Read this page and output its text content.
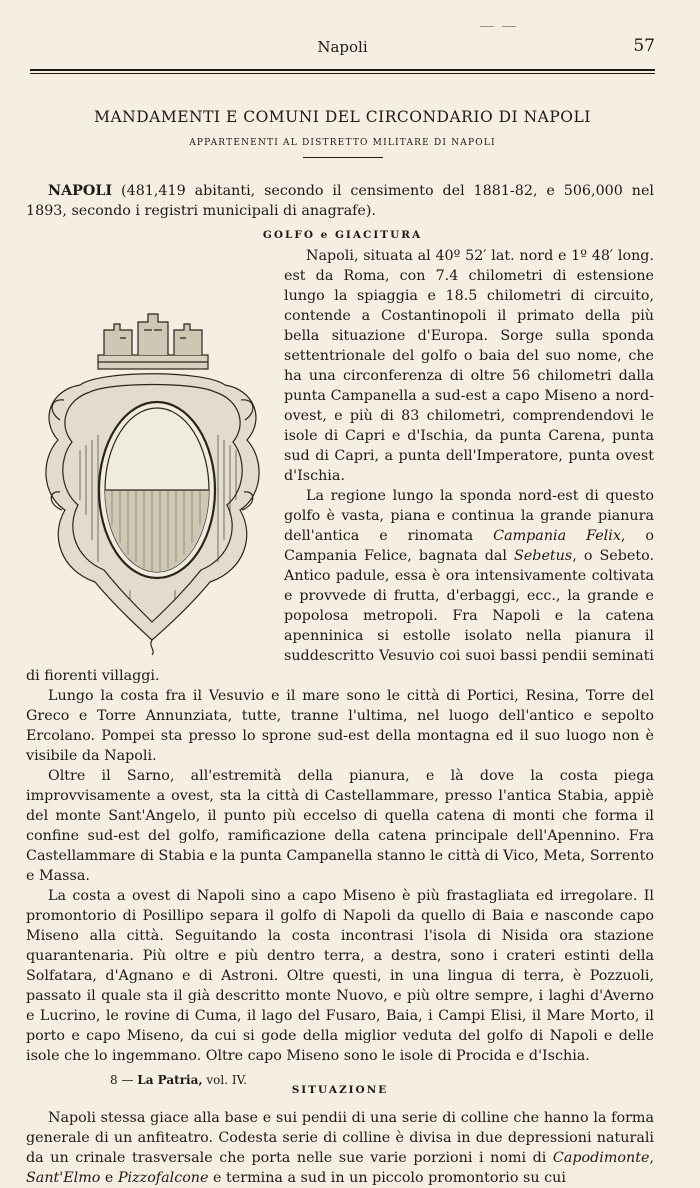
Napoli	57
MANDAMENTI E COMUNI DEL CIRCONDARIO DI NAPOLI
APPARTENENTI AL DISTRETTO MILITARE DI NAPOLI

NAPOLI (481,419 abitanti, secondo il censimento del 1881-82, e 506,000 nel 1893, secondo i registri municipali di anagrafe).

GOLFO e GIACITURA

Napoli, situata al 40º 52′ lat. nord e 1º 48′ long. est da Roma, con 7.4 chilometri di estensione lungo la spiaggia e 18.5 chilometri di circuito, contende a Costantinopoli il primato della più bella situazione d'Europa. Sorge sulla sponda settentrionale del golfo o baia del suo nome, che ha una circonferenza di oltre 56 chilometri dalla punta Campanella a sud-est a capo Miseno a nord-ovest, e più di 83 chilometri, comprendendovi le isole di Capri e d'Ischia, da punta Carena, punta sud di Capri, a punta dell'Imperatore, punta ovest d'Ischia.

La regione lungo la sponda nord-est di questo golfo è vasta, piana e continua la grande pianura dell'antica e rinomata Campania Felix, o Campania Felice, bagnata dal Sebetus, o Sebeto. Antico padule, essa è ora intensivamente coltivata e provvede di frutta, d'erbaggi, ecc., la grande e popolosa metropoli. Fra Napoli e la catena apenninica si estolle isolato nella pianura il suddescritto Vesuvio coi suoi bassi pendii seminati di fiorenti villaggi.

Lungo la costa fra il Vesuvio e il mare sono le città di Portici, Resina, Torre del Greco e Torre Annunziata, tutte, tranne l'ultima, nel luogo dell'antico e sepolto Ercolano. Pompei sta presso lo sprone sud-est della montagna ed il suo luogo non è visibile da Napoli.

Oltre il Sarno, all'estremità della pianura, e là dove la costa piega improvvisamente a ovest, sta la città di Castellammare, presso l'antica Stabia, appiè del monte Sant'Angelo, il punto più eccelso di quella catena di monti che forma il confine sud-est del golfo, ramificazione della catena principale dell'Apennino. Fra Castellammare di Stabia e la punta Campanella stanno le città di Vico, Meta, Sorrento e Massa.

La costa a ovest di Napoli sino a capo Miseno è più frastagliata ed irregolare. Il promontorio di Posillipo separa il golfo di Napoli da quello di Baia e nasconde capo Miseno alla città. Seguitando la costa incontrasi l'isola di Nisida ora stazione quarantenaria. Più oltre e più dentro terra, a destra, sono i crateri estinti della Solfatara, d'Agnano e di Astroni. Oltre questi, in una lingua di terra, è Pozzuoli, passato il quale sta il già descritto monte Nuovo, e più oltre sempre, i laghi d'Averno e Lucrino, le rovine di Cuma, il lago del Fusaro, Baia, i Campi Elisi, il Mare Morto, il porto e capo Miseno, da cui si gode della miglior veduta del golfo di Napoli e delle isole che lo ingemmano. Oltre capo Miseno sono le isole di Procida e d'Ischia.

SITUAZIONE

Napoli stessa giace alla base e sui pendii di una serie di colline che hanno la forma generale di un anfiteatro. Codesta serie di colline è divisa in due depressioni naturali da un crinale trasversale che porta nelle sue varie porzioni i nomi di Capodimonte, Sant'Elmo e Pizzofalcone e termina a sud in un piccolo promontorio su cui

8 — La Patria, vol. IV.
